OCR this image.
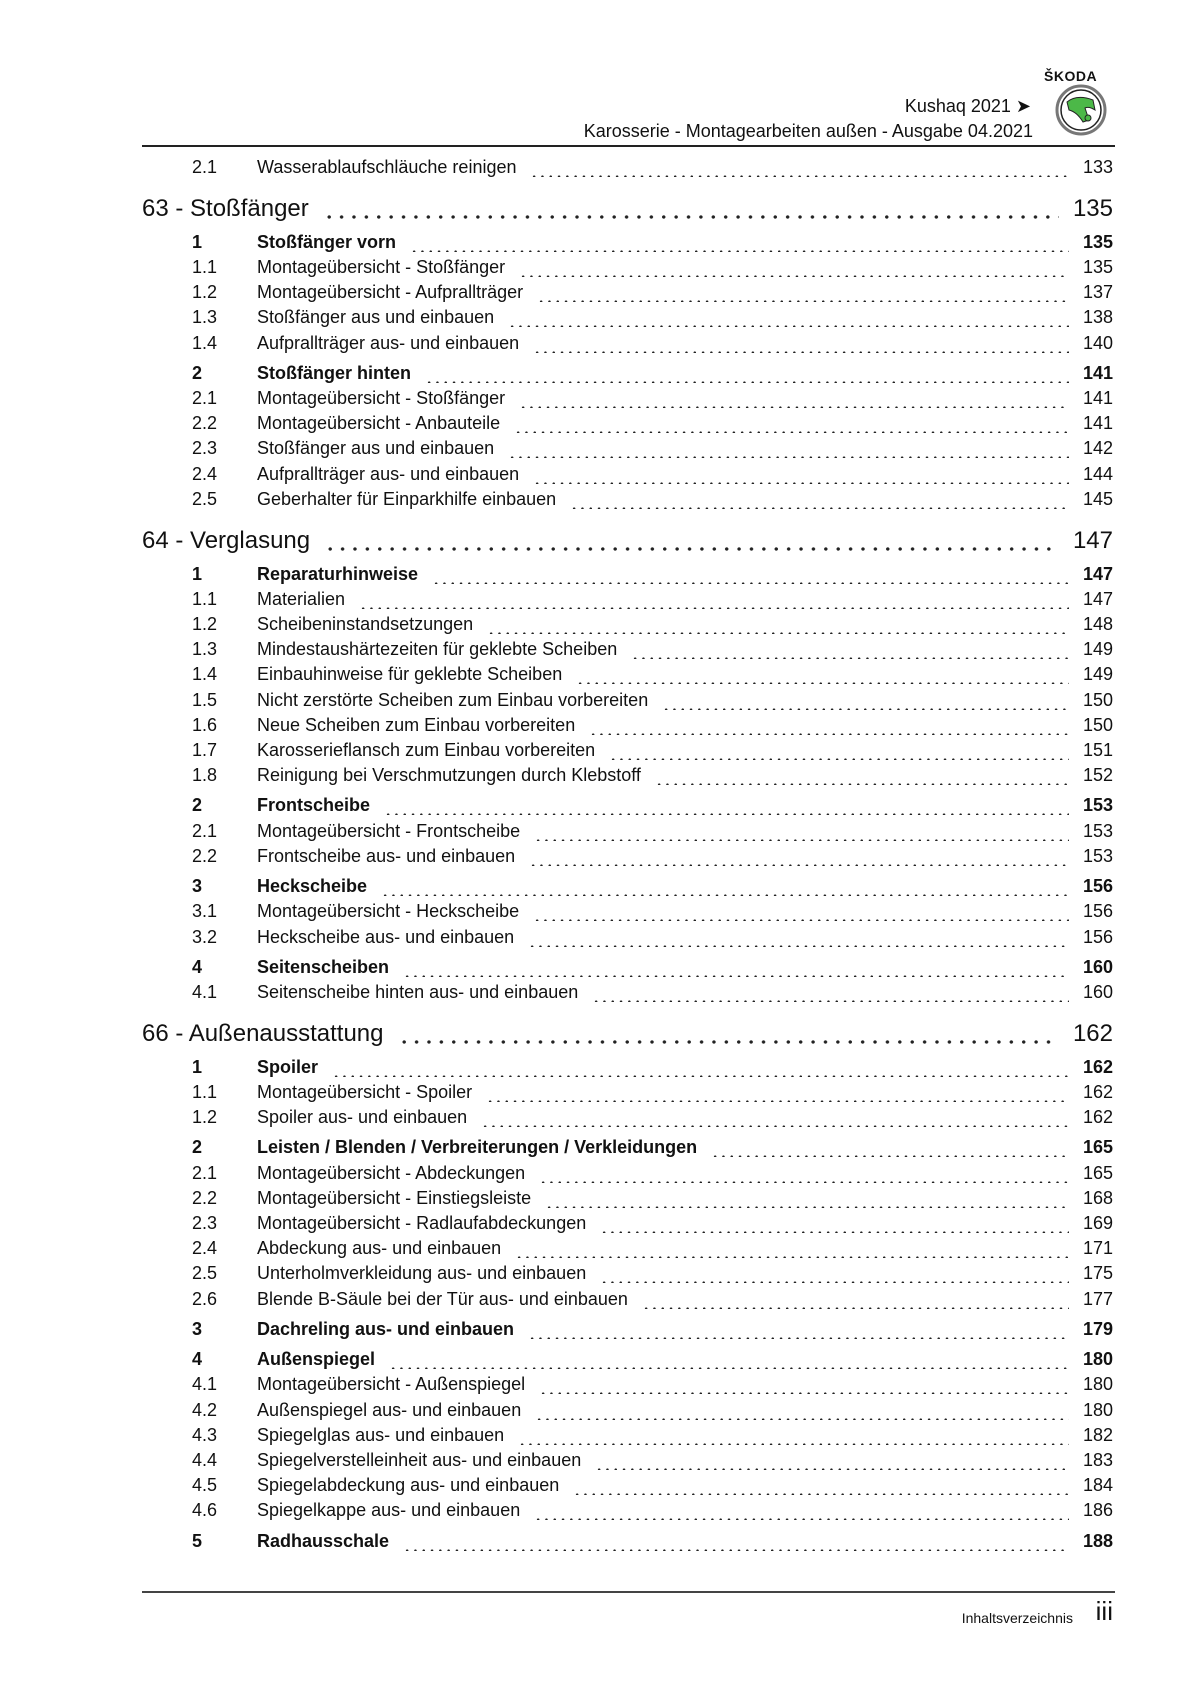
ŠKODA
Kushaq 2021 ➤
Karosserie - Montagearbeiten außen - Ausgabe 04.2021
2.1	Wasserablaufschläuche reinigen	133
63 - Stoßfänger	135
1	Stoßfänger vorn	135
1.1	Montageübersicht - Stoßfänger	135
1.2	Montageübersicht - Aufprallträger	137
1.3	Stoßfänger aus und einbauen	138
1.4	Aufprallträger aus- und einbauen	140
2	Stoßfänger hinten	141
2.1	Montageübersicht - Stoßfänger	141
2.2	Montageübersicht - Anbauteile	141
2.3	Stoßfänger aus und einbauen	142
2.4	Aufprallträger aus- und einbauen	144
2.5	Geberhalter für Einparkhilfe einbauen	145
64 - Verglasung	147
1	Reparaturhinweise	147
1.1	Materialien	147
1.2	Scheibeninstandsetzungen	148
1.3	Mindestaushärtezeiten für geklebte Scheiben	149
1.4	Einbauhinweise für geklebte Scheiben	149
1.5	Nicht zerstörte Scheiben zum Einbau vorbereiten	150
1.6	Neue Scheiben zum Einbau vorbereiten	150
1.7	Karosserieflansch zum Einbau vorbereiten	151
1.8	Reinigung bei Verschmutzungen durch Klebstoff	152
2	Frontscheibe	153
2.1	Montageübersicht - Frontscheibe	153
2.2	Frontscheibe aus- und einbauen	153
3	Heckscheibe	156
3.1	Montageübersicht - Heckscheibe	156
3.2	Heckscheibe aus- und einbauen	156
4	Seitenscheiben	160
4.1	Seitenscheibe hinten aus- und einbauen	160
66 - Außenausstattung	162
1	Spoiler	162
1.1	Montageübersicht - Spoiler	162
1.2	Spoiler aus- und einbauen	162
2	Leisten / Blenden / Verbreiterungen / Verkleidungen	165
2.1	Montageübersicht - Abdeckungen	165
2.2	Montageübersicht - Einstiegsleiste	168
2.3	Montageübersicht - Radlaufabdeckungen	169
2.4	Abdeckung aus- und einbauen	171
2.5	Unterholmverkleidung aus- und einbauen	175
2.6	Blende B-Säule bei der Tür aus- und einbauen	177
3	Dachreling aus- und einbauen	179
4	Außenspiegel	180
4.1	Montageübersicht - Außenspiegel	180
4.2	Außenspiegel aus- und einbauen	180
4.3	Spiegelglas aus- und einbauen	182
4.4	Spiegelverstelleinheit aus- und einbauen	183
4.5	Spiegelabdeckung aus- und einbauen	184
4.6	Spiegelkappe aus- und einbauen	186
5	Radhausschale	188
Inhaltsverzeichnis iii
